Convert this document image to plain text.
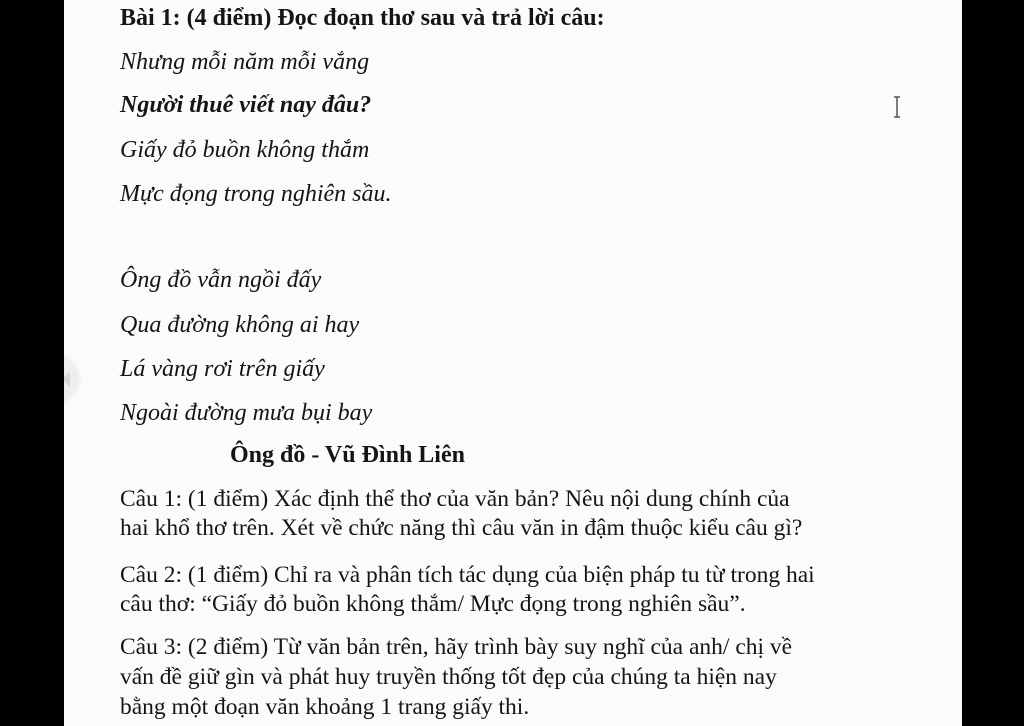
Bài 1: (4 điểm) Đọc đoạn thơ sau và trả lời câu:
Nhưng mỗi năm mỗi vắng
Người thuê viết nay đâu?
Giấy đỏ buồn không thắm
Mực đọng trong nghiên sầu.
Ông đồ vẫn ngồi đấy
Qua đường không ai hay
Lá vàng rơi trên giấy
Ngoài đường mưa bụi bay
Ông đồ - Vũ Đình Liên
Câu 1: (1 điểm) Xác định thể thơ của văn bản? Nêu nội dung chính của
hai khổ thơ trên. Xét về chức năng thì câu văn in đậm thuộc kiểu câu gì?
Câu 2: (1 điểm) Chỉ ra và phân tích tác dụng của biện pháp tu từ trong hai
câu thơ: “Giấy đỏ buồn không thắm/ Mực đọng trong nghiên sầu”.
Câu 3: (2 điểm) Từ văn bản trên, hãy trình bày suy nghĩ của anh/ chị về
vấn đề giữ gìn và phát huy truyền thống tốt đẹp của chúng ta hiện nay
bằng một đoạn văn khoảng 1 trang giấy thi.
